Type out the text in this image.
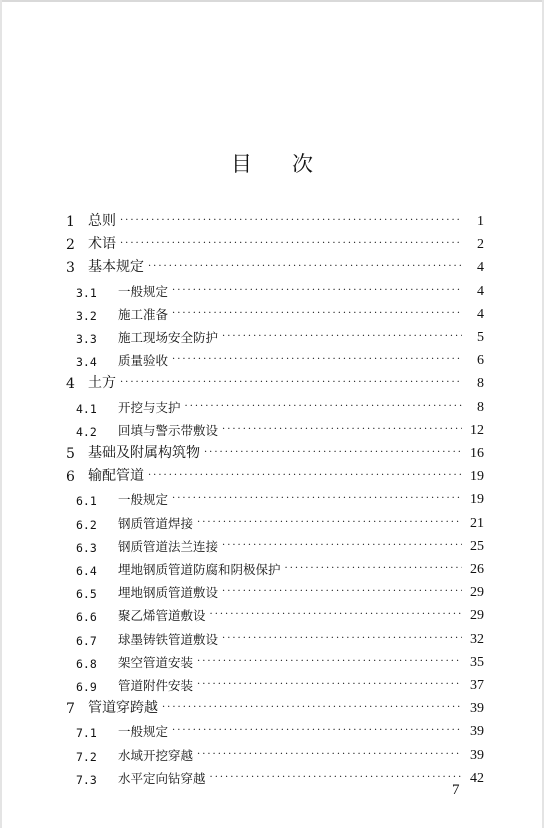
目 次
1 总则 ·····	1
2 术语 ·····	2
3 基本规定 ·····	4
3.1	一般规定 ·····	4
3.2	施工准备 ·····	4
3.3	施工现场安全防护 ·····	5
3.4	质量验收 ·····	6
4 土方 ·····	8
4.1	开挖与支护 ·····	8
4.2	回填与警示带敷设 ·····	12
5 基础及附属构筑物 ·····	16
6 输配管道 ·····	19
6.1	一般规定 ·····	19
6.2	钢质管道焊接 ·····	21
6.3	钢质管道法兰连接 ·····	25
6.4	埋地钢质管道防腐和阴极保护 ·····	26
6.5	埋地钢质管道敷设 ·····	29
6.6	聚乙烯管道敷设 ·····	29
6.7	球墨铸铁管道敷设 ·····	32
6.8	架空管道安装 ·····	35
6.9	管道附件安装 ·····	37
7 管道穿跨越 ·····	39
7.1	一般规定 ·····	39
7.2	水域开挖穿越 ·····	39
7.3	水平定向钻穿越 ·····	42
7
